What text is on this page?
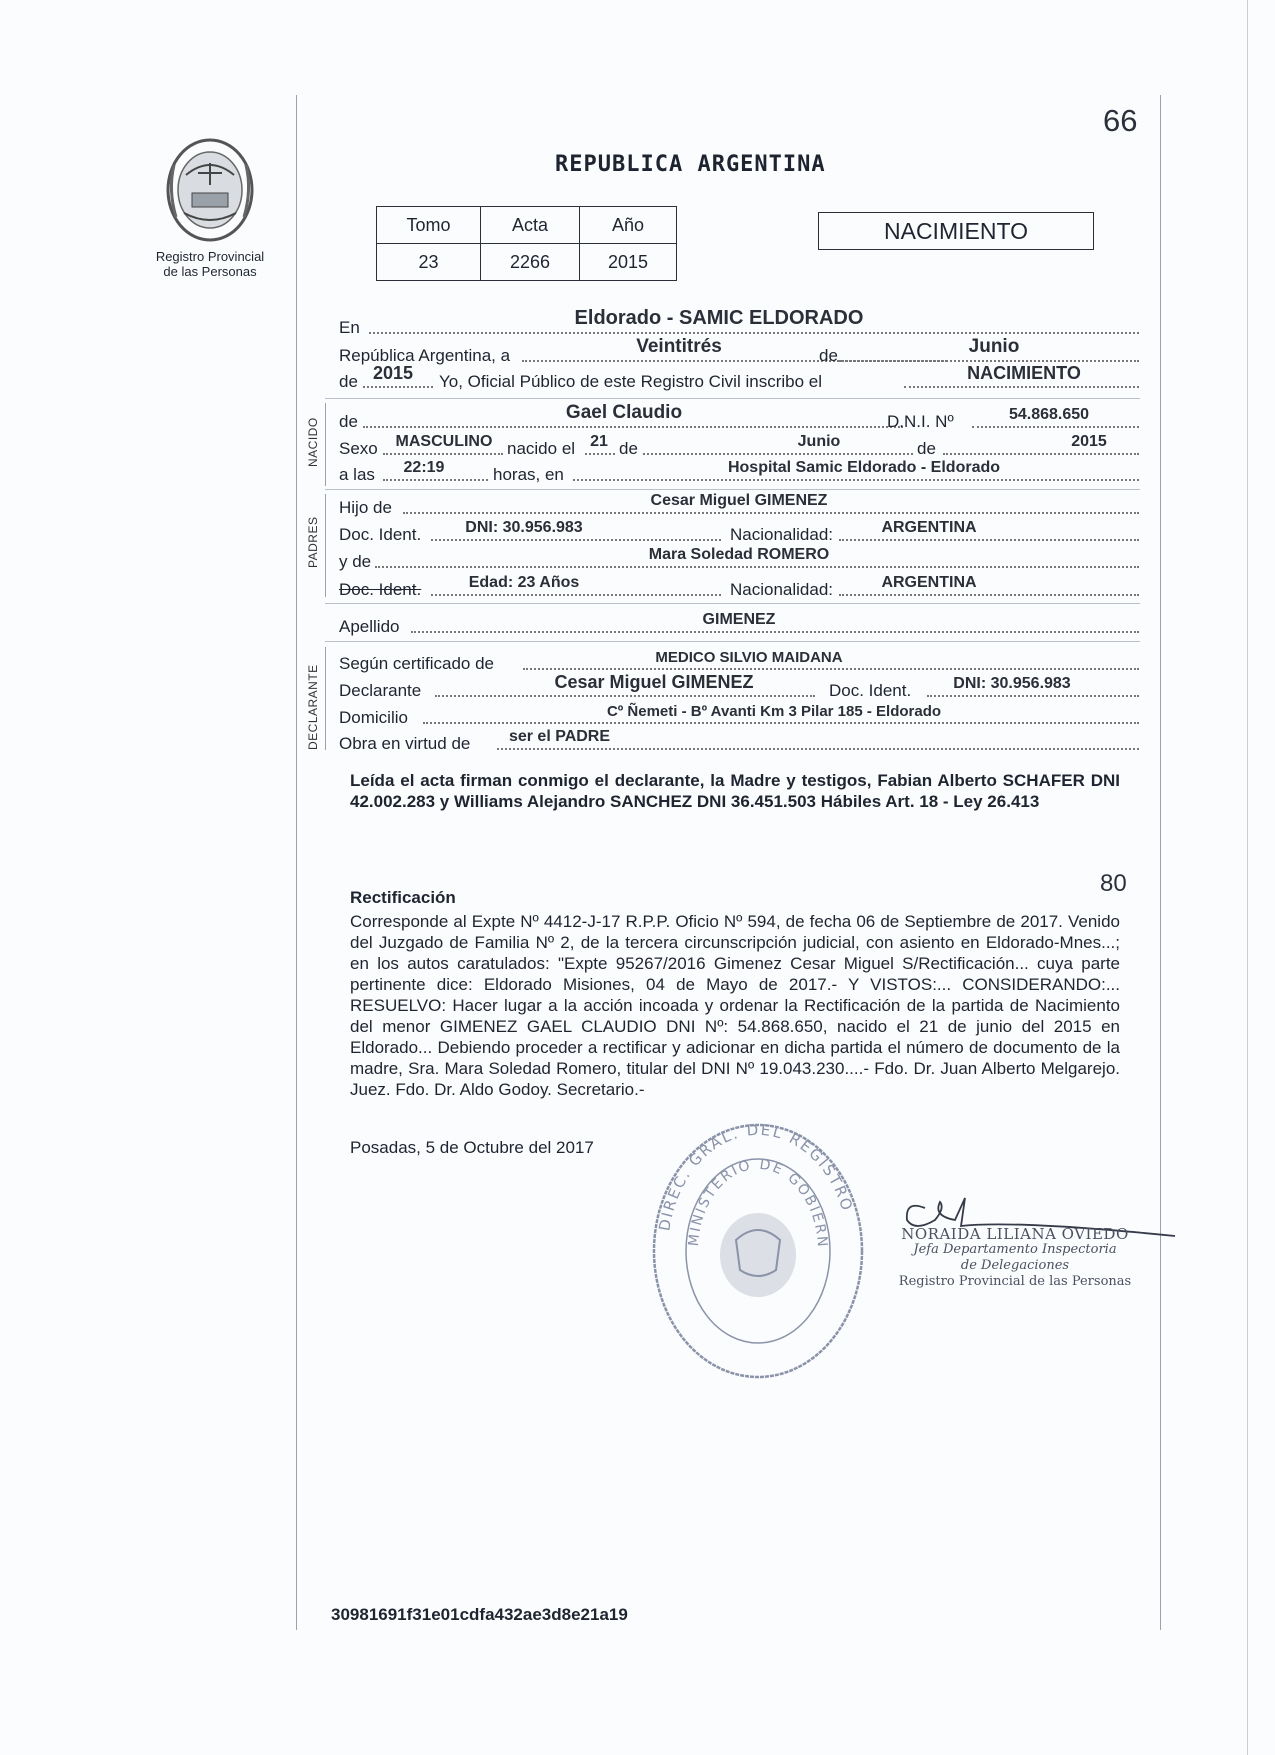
66
Registro Provincial
de las Personas
REPUBLICA ARGENTINA
Tomo	Acta	Año
23	2266	2015
NACIMIENTO
En	Eldorado - SAMIC ELDORADO
República Argentina, a	Veintitrés	de	Junio
de 2015	Yo, Oficial Público de este Registro Civil inscribo el	NACIMIENTO
NACIDO de	Gael Claudio	D.N.I. Nº	54.868.650
Sexo	MASCULINO nacido el 21 de	Junio	de	2015
a las	22:19	horas, en	Hospital Samic Eldorado - Eldorado
PADRES
Hijo de	Cesar Miguel GIMENEZ
Doc. Ident.	DNI: 30.956.983	Nacionalidad:	ARGENTINA
y de	Mara Soledad ROMERO
Doc. Ident.	Edad: 23 Años	Nacionalidad:	ARGENTINA
Apellido	GIMENEZ
DECLARANTE
Según certificado de	MEDICO SILVIO MAIDANA
Declarante	Cesar Miguel GIMENEZ	Doc. Ident.	DNI: 30.956.983
Domicilio	Cº Ñemeti - Bº Avanti Km 3 Pilar 185 - Eldorado
Obra en virtud de	ser el PADRE
Leída el acta firman conmigo el declarante, la Madre y testigos, Fabian Alberto SCHAFER DNI 42.002.283 y Williams Alejandro SANCHEZ DNI 36.451.503 Hábiles Art. 18 - Ley 26.413
80
Rectificación
Corresponde al Expte Nº 4412-J-17 R.P.P. Oficio Nº 594, de fecha 06 de Septiembre de 2017. Venido del Juzgado de Familia Nº 2, de la tercera circunscripción judicial, con asiento en Eldorado-Mnes...; en los autos caratulados: "Expte 95267/2016 Gimenez Cesar Miguel S/Rectificación... cuya parte pertinente dice: Eldorado Misiones, 04 de Mayo de 2017.- Y VISTOS:... CONSIDERANDO:... RESUELVO: Hacer lugar a la acción incoada y ordenar la Rectificación de la partida de Nacimiento del menor GIMENEZ GAEL CLAUDIO DNI Nº: 54.868.650, nacido el 21 de junio del 2015 en Eldorado... Debiendo proceder a rectificar y adicionar en dicha partida el número de documento de la madre, Sra. Mara Soledad Romero, titular del DNI Nº 19.043.230....- Fdo. Dr. Juan Alberto Melgarejo. Juez. Fdo. Dr. Aldo Godoy. Secretario.-
Posadas, 5 de Octubre del 2017
DIREC. GRAL. DEL REGISTRO
MINISTERIO DE GOBIERN	NORAIDA LILIANA OVIEDO
Jefa Departamento Inspectoria
de Delegaciones
Registro Provincial de las Personas
30981691f31e01cdfa432ae3d8e21a19
